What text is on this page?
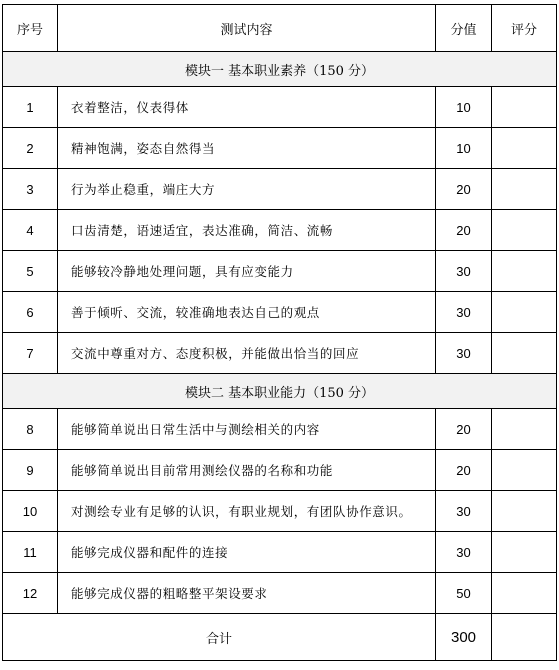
序号	测试内容	分值	评分
模块一 基本职业素养（150 分）			
1	衣着整洁，仪表得体	10	
2	精神饱满，姿态自然得当	10	
3	行为举止稳重，端庄大方	20	
4	口齿清楚，语速适宜，表达准确，简洁、流畅	20	
5	能够较冷静地处理问题，具有应变能力	30	
6	善于倾听、交流，较准确地表达自己的观点	30	
7	交流中尊重对方、态度积极，并能做出恰当的回应	30	
模块二 基本职业能力（150 分）			
8	能够简单说出日常生活中与测绘相关的内容	20	
9	能够简单说出目前常用测绘仪器的名称和功能	20	
10	对测绘专业有足够的认识，有职业规划，有团队协作意识。	30	
11	能够完成仪器和配件的连接	30	
12	能够完成仪器的粗略整平架设要求	50	
合计		300	
